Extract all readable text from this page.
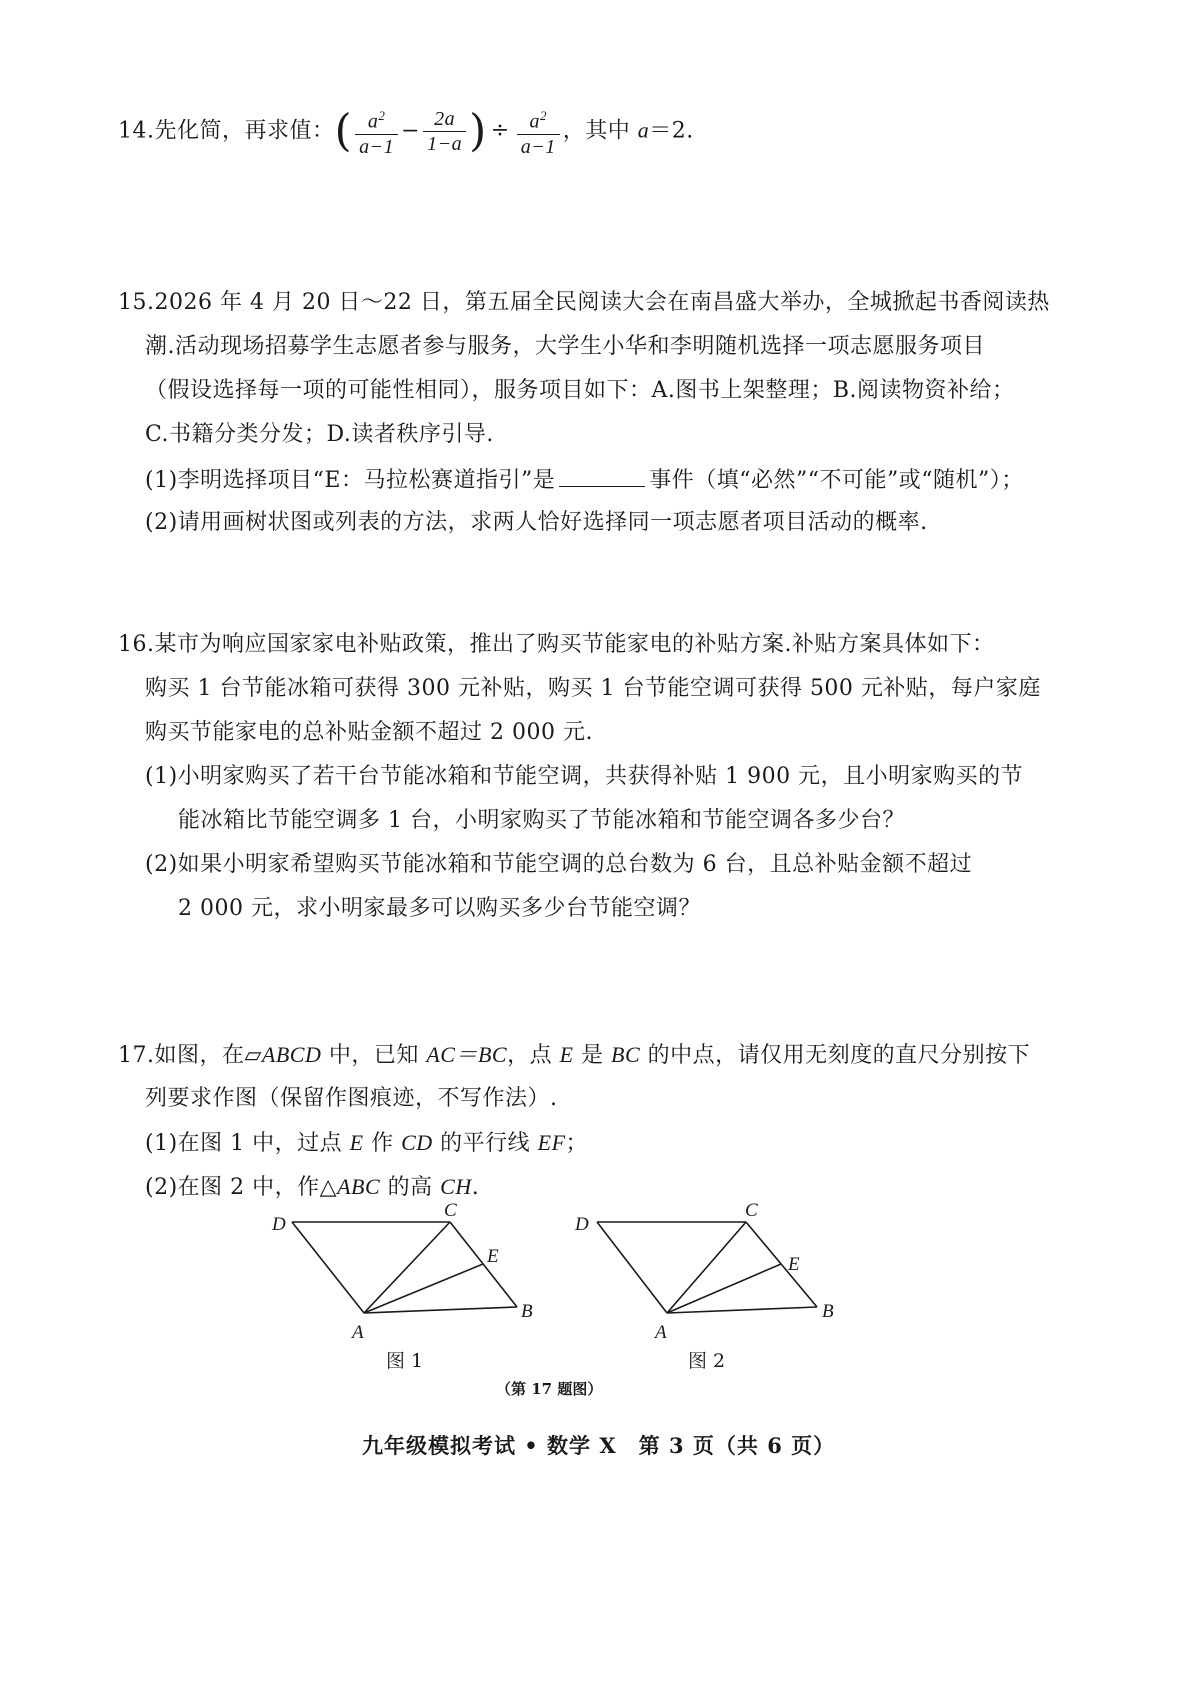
14.先化简，再求值：( $\frac{a^2}{a-1} - \frac{2a}{1-a}$ ) ÷ $\frac{a^2}{a-1}$ ，其中 a＝2.
15.2026 年 4 月 20 日～22 日，第五届全民阅读大会在南昌盛大举办，全城掀起书香阅读热
潮.活动现场招募学生志愿者参与服务，大学生小华和李明随机选择一项志愿服务项目
（假设选择每一项的可能性相同），服务项目如下：A.图书上架整理；B.阅读物资补给；
C.书籍分类分发；D.读者秩序引导.
(1)李明选择项目“E：马拉松赛道指引”是	事件（填“必然”“不可能”或“随机”）；
(2)请用画树状图或列表的方法，求两人恰好选择同一项志愿者项目活动的概率.
16.某市为响应国家家电补贴政策，推出了购买节能家电的补贴方案.补贴方案具体如下：
购买 1 台节能冰箱可获得 300 元补贴，购买 1 台节能空调可获得 500 元补贴，每户家庭
购买节能家电的总补贴金额不超过 2 000 元.
(1)小明家购买了若干台节能冰箱和节能空调，共获得补贴 1 900 元，且小明家购买的节
能冰箱比节能空调多 1 台，小明家购买了节能冰箱和节能空调各多少台？
(2)如果小明家希望购买节能冰箱和节能空调的总台数为 6 台，且总补贴金额不超过
2 000 元，求小明家最多可以购买多少台节能空调？
17.如图，在▱ABCD 中，已知 AC＝BC，点 E 是 BC 的中点，请仅用无刻度的直尺分别按下
列要求作图（保留作图痕迹，不写作法）.
(1)在图 1 中，过点 E 作 CD 的平行线 EF；
(2)在图 2 中，作△ABC 的高 CH.
D
C
E
A
B
图 1
D
C
E
A
B
图 2
（第 17 题图）
九年级模拟考试 • 数学 X　第 3 页（共 6 页）
